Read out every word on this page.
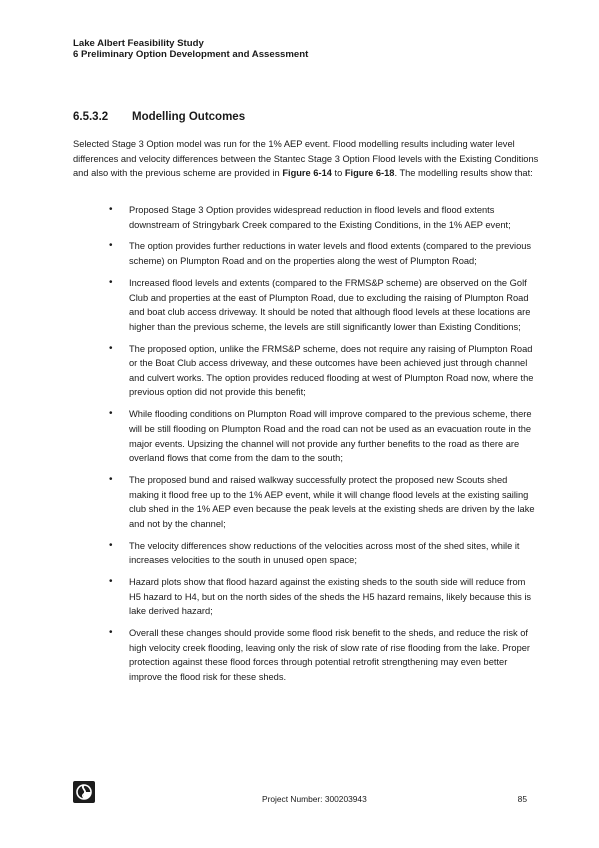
Lake Albert Feasibility Study
6 Preliminary Option Development and Assessment
6.5.3.2	Modelling Outcomes

Selected Stage 3 Option model was run for the 1% AEP event. Flood modelling results including water level differences and velocity differences between the Stantec Stage 3 Option Flood levels with the Existing Conditions and also with the previous scheme are provided in Figure 6-14 to Figure 6-18. The modelling results show that:

• Proposed Stage 3 Option provides widespread reduction in flood levels and flood extents downstream of Stringybark Creek compared to the Existing Conditions, in the 1% AEP event;
• The option provides further reductions in water levels and flood extents (compared to the previous scheme) on Plumpton Road and on the properties along the west of Plumpton Road;
• Increased flood levels and extents (compared to the FRMS&P scheme) are observed on the Golf Club and properties at the east of Plumpton Road, due to excluding the raising of Plumpton Road and boat club access driveway. It should be noted that although flood levels at these locations are higher than the previous scheme, the levels are still significantly lower than Existing Conditions;
• The proposed option, unlike the FRMS&P scheme, does not require any raising of Plumpton Road or the Boat Club access driveway, and these outcomes have been achieved just through channel and culvert works. The option provides reduced flooding at west of Plumpton Road now, where the previous option did not provide this benefit;
• While flooding conditions on Plumpton Road will improve compared to the previous scheme, there will be still flooding on Plumpton Road and the road can not be used as an evacuation route in the major events. Upsizing the channel will not provide any further benefits to the road as there are overland flows that come from the dam to the south;
• The proposed bund and raised walkway successfully protect the proposed new Scouts shed making it flood free up to the 1% AEP event, while it will change flood levels at the existing sailing club shed in the 1% AEP even because the peak levels at the existing sheds are driven by the lake and not by the channel;
• The velocity differences show reductions of the velocities across most of the shed sites, while it increases velocities to the south in unused open space;
• Hazard plots show that flood hazard against the existing sheds to the south side will reduce from H5 hazard to H4, but on the north sides of the sheds the H5 hazard remains, likely because this is lake derived hazard;
• Overall these changes should provide some flood risk benefit to the sheds, and reduce the risk of high velocity creek flooding, leaving only the risk of slow rate of rise flooding from the lake. Proper protection against these flood forces through potential retrofit strengthening may even better improve the flood risk for these sheds.
Project Number: 300203943	85
